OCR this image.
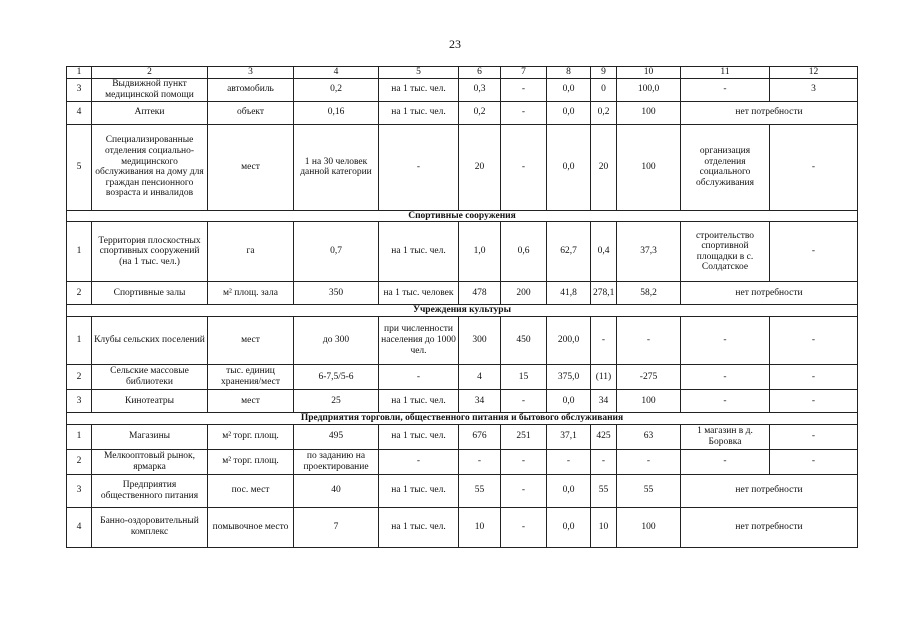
23
1	2	3	4	5	6	7	8	9	10	11	12
3	Выдвижной пункт медицинской помощи	автомобиль	0,2	на 1 тыс. чел.	0,3	-	0,0	0	100,0	-	3
4	Аптеки	объект	0,16	на 1 тыс. чел.	0,2	-	0,0	0,2	100	нет потребности	
5	Специализированные отделения социально-медицинского обслуживания на дому для граждан пенсионного возраста и инвалидов	мест	1 на 30 человек данной категории	-	20	-	0,0	20	100	организация отделения социального обслуживания	-
Спортивные сооружения											
1	Территория плоскостных спортивных сооружений (на 1 тыс. чел.)	га	0,7	на 1 тыс. чел.	1,0	0,6	62,7	0,4	37,3	строительство спортивной площадки в с. Солдатское	-
2	Спортивные залы	м² площ. зала	350	на 1 тыс. человек	478	200	41,8	278,1	58,2	нет потребности	
Учреждения культуры											
1	Клубы сельских поселений	мест	до 300	при численности населения до 1000 чел.	300	450	200,0	-	-	-	-
2	Сельские массовые библиотеки	тыс. единиц хранения/мест	6-7,5/5-6	-	4	15	375,0	(11)	-275	-	-
3	Кинотеатры	мест	25	на 1 тыс. чел.	34	-	0,0	34	100	-	-
Предприятия торговли, общественного питания и бытового обслуживания											
1	Магазины	м² торг. площ.	495	на 1 тыс. чел.	676	251	37,1	425	63	1 магазин в д. Боровка	-
2	Мелкооптовый рынок, ярмарка	м² торг. площ.	по заданию на проектирование	-	-	-	-	-	-	-	-
3	Предприятия общественного питания	пос. мест	40	на 1 тыс. чел.	55	-	0,0	55	55	нет потребности	
4	Банно-оздоровительный комплекс	помывочное место	7	на 1 тыс. чел.	10	-	0,0	10	100	нет потребности	
